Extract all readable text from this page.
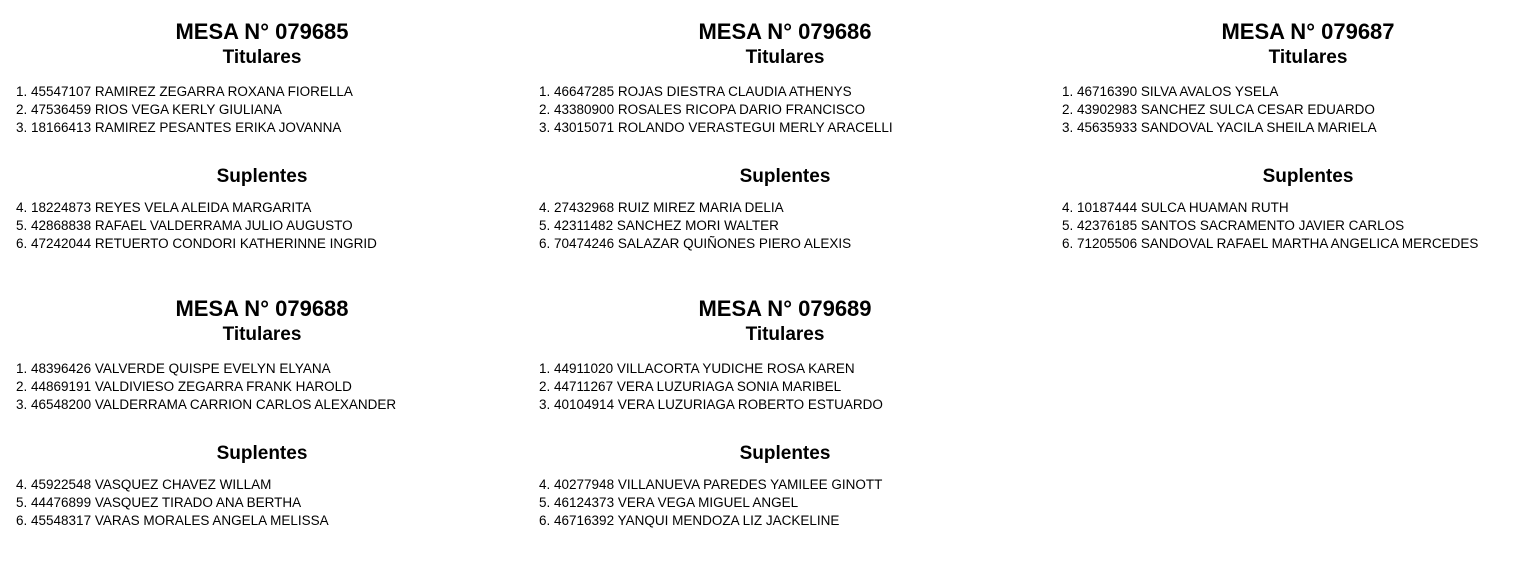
MESA N° 079685
Titulares
1. 45547107 RAMIREZ ZEGARRA ROXANA FIORELLA
2. 47536459 RIOS VEGA KERLY GIULIANA
3. 18166413 RAMIREZ PESANTES ERIKA JOVANNA
Suplentes
4. 18224873 REYES VELA ALEIDA MARGARITA
5. 42868838 RAFAEL VALDERRAMA JULIO AUGUSTO
6. 47242044 RETUERTO CONDORI KATHERINNE INGRID
MESA N° 079686
Titulares
1. 46647285 ROJAS DIESTRA CLAUDIA ATHENYS
2. 43380900 ROSALES RICOPA DARIO FRANCISCO
3. 43015071 ROLANDO VERASTEGUI MERLY ARACELLI
Suplentes
4. 27432968 RUIZ MIREZ MARIA DELIA
5. 42311482 SANCHEZ MORI WALTER
6. 70474246 SALAZAR QUIÑONES PIERO ALEXIS
MESA N° 079687
Titulares
1. 46716390 SILVA AVALOS YSELA
2. 43902983 SANCHEZ SULCA CESAR EDUARDO
3. 45635933 SANDOVAL YACILA SHEILA MARIELA
Suplentes
4. 10187444 SULCA HUAMAN RUTH
5. 42376185 SANTOS SACRAMENTO JAVIER CARLOS
6. 71205506 SANDOVAL RAFAEL MARTHA ANGELICA MERCEDES
MESA N° 079688
Titulares
1. 48396426 VALVERDE QUISPE EVELYN ELYANA
2. 44869191 VALDIVIESO ZEGARRA FRANK HAROLD
3. 46548200 VALDERRAMA CARRION CARLOS ALEXANDER
Suplentes
4. 45922548 VASQUEZ CHAVEZ WILLAM
5. 44476899 VASQUEZ TIRADO ANA BERTHA
6. 45548317 VARAS MORALES ANGELA MELISSA
MESA N° 079689
Titulares
1. 44911020 VILLACORTA YUDICHE ROSA KAREN
2. 44711267 VERA LUZURIAGA SONIA MARIBEL
3. 40104914 VERA LUZURIAGA ROBERTO ESTUARDO
Suplentes
4. 40277948 VILLANUEVA PAREDES YAMILEE GINOTT
5. 46124373 VERA VEGA MIGUEL ANGEL
6. 46716392 YANQUI MENDOZA LIZ JACKELINE
